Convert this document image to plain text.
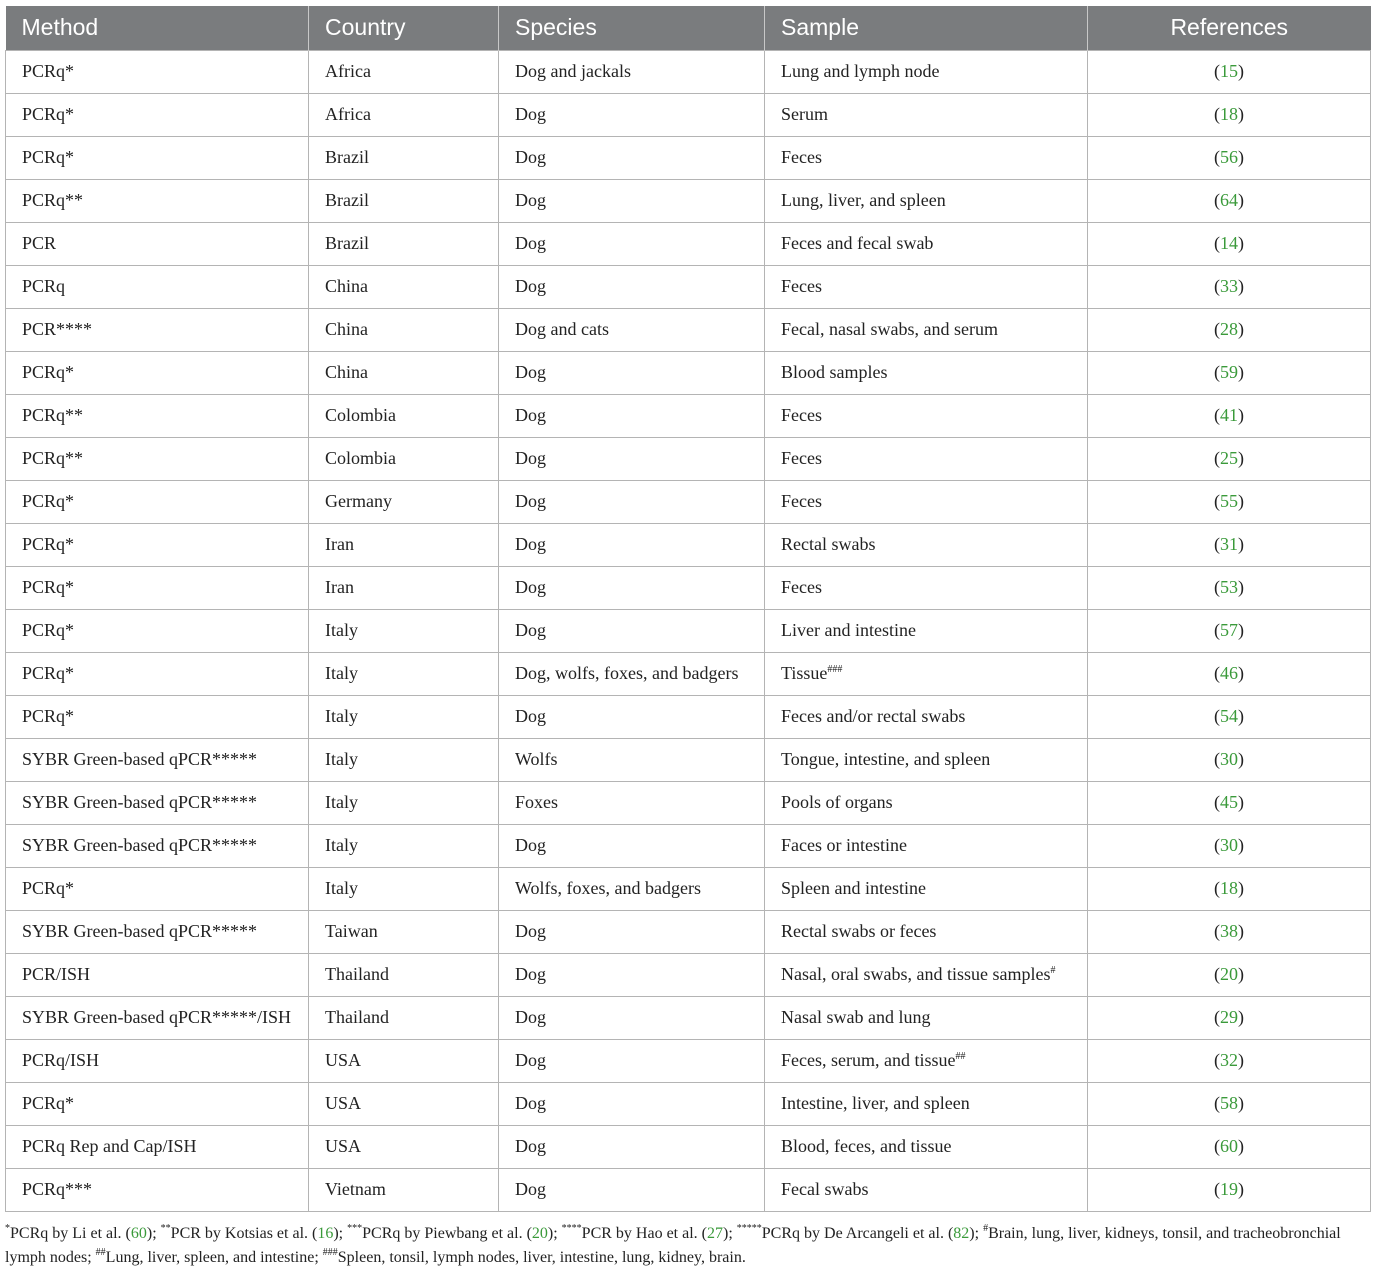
Method	Country	Species	Sample	References
PCRq*	Africa	Dog and jackals	Lung and lymph node	(15)
PCRq*	Africa	Dog	Serum	(18)
PCRq*	Brazil	Dog	Feces	(56)
PCRq**	Brazil	Dog	Lung, liver, and spleen	(64)
PCR	Brazil	Dog	Feces and fecal swab	(14)
PCRq	China	Dog	Feces	(33)
PCR****	China	Dog and cats	Fecal, nasal swabs, and serum	(28)
PCRq*	China	Dog	Blood samples	(59)
PCRq**	Colombia	Dog	Feces	(41)
PCRq**	Colombia	Dog	Feces	(25)
PCRq*	Germany	Dog	Feces	(55)
PCRq*	Iran	Dog	Rectal swabs	(31)
PCRq*	Iran	Dog	Feces	(53)
PCRq*	Italy	Dog	Liver and intestine	(57)
PCRq*	Italy	Dog, wolfs, foxes, and badgers	Tissue###	(46)
PCRq*	Italy	Dog	Feces and/or rectal swabs	(54)
SYBR Green-based qPCR*****	Italy	Wolfs	Tongue, intestine, and spleen	(30)
SYBR Green-based qPCR*****	Italy	Foxes	Pools of organs	(45)
SYBR Green-based qPCR*****	Italy	Dog	Faces or intestine	(30)
PCRq*	Italy	Wolfs, foxes, and badgers	Spleen and intestine	(18)
SYBR Green-based qPCR*****	Taiwan	Dog	Rectal swabs or feces	(38)
PCR/ISH	Thailand	Dog	Nasal, oral swabs, and tissue samples#	(20)
SYBR Green-based qPCR*****/ISH	Thailand	Dog	Nasal swab and lung	(29)
PCRq/ISH	USA	Dog	Feces, serum, and tissue##	(32)
PCRq*	USA	Dog	Intestine, liver, and spleen	(58)
PCRq Rep and Cap/ISH	USA	Dog	Blood, feces, and tissue	(60)
PCRq***	Vietnam	Dog	Fecal swabs	(19)
*PCRq by Li et al. (60); **PCR by Kotsias et al. (16); ***PCRq by Piewbang et al. (20); ****PCR by Hao et al. (27); *****PCRq by De Arcangeli et al. (82); #Brain, lung, liver, kidneys, tonsil, and tracheobronchial lymph nodes; ##Lung, liver, spleen, and intestine; ###Spleen, tonsil, lymph nodes, liver, intestine, lung, kidney, brain.
